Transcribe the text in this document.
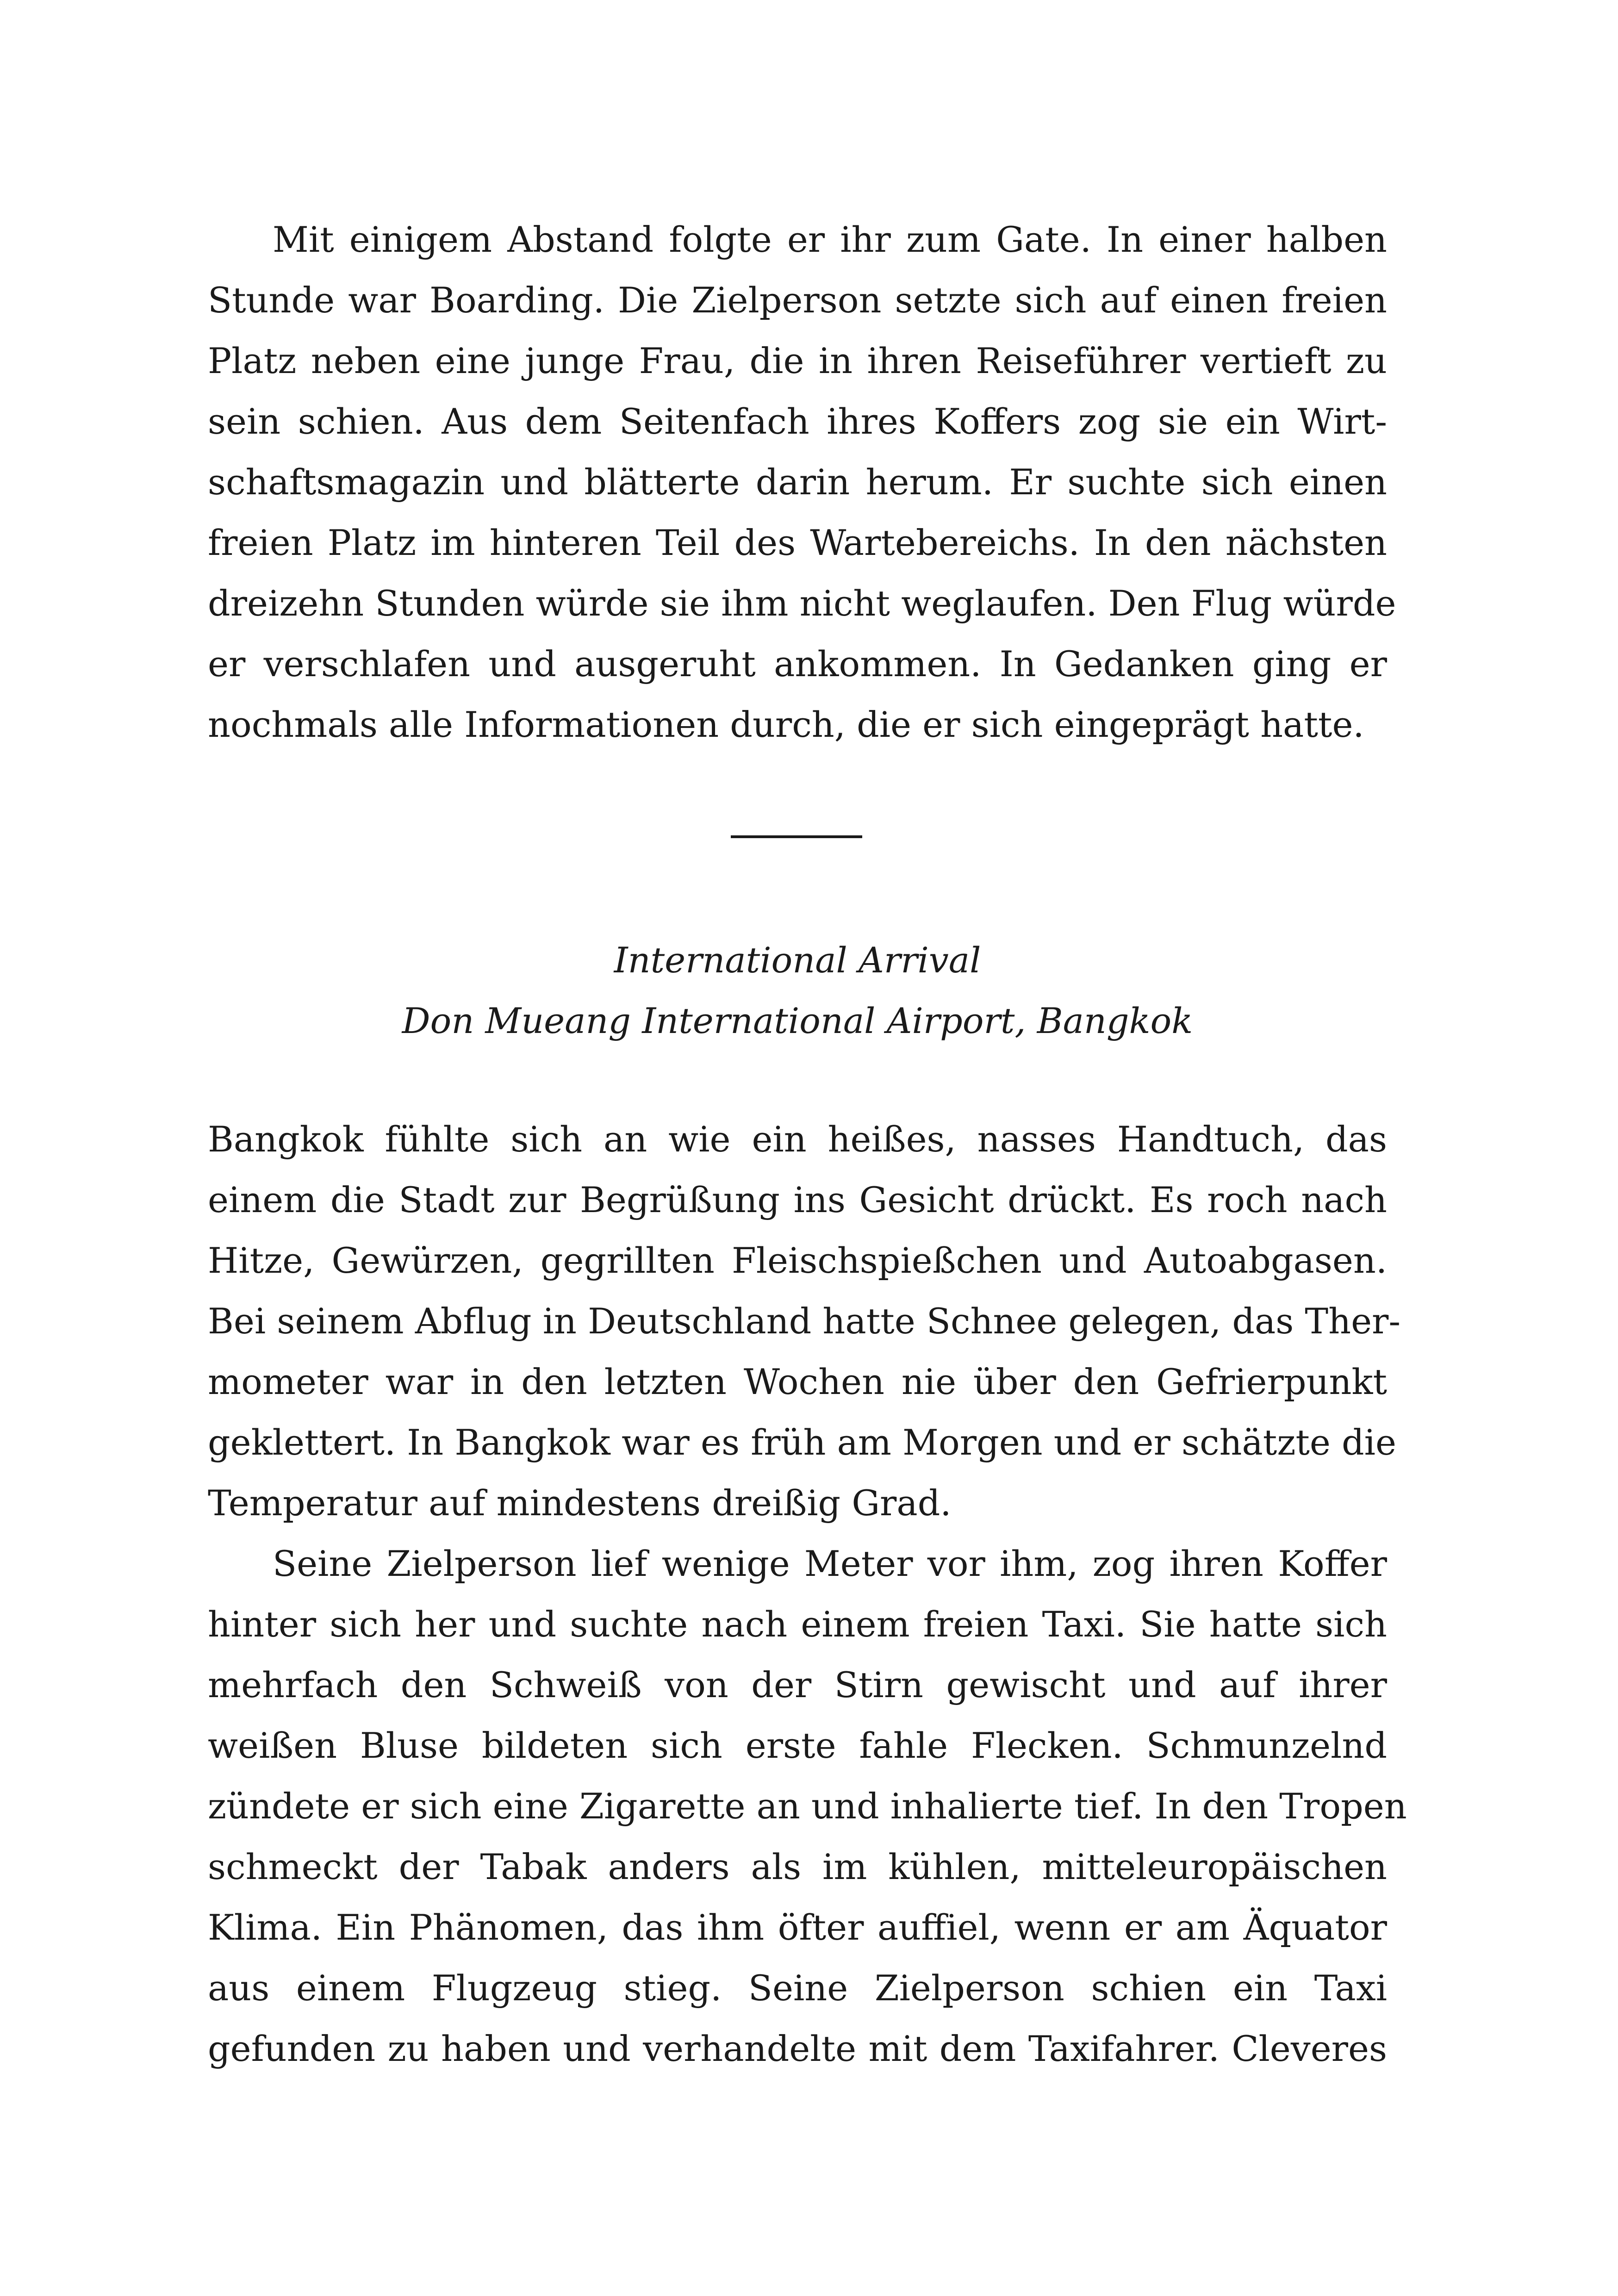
Mit einigem Abstand folgte er ihr zum Gate. In einer halben
Stunde war Boarding. Die Zielperson setzte sich auf einen freien
Platz neben eine junge Frau, die in ihren Reiseführer vertieft zu
sein schien. Aus dem Seitenfach ihres Koffers zog sie ein Wirt-
schaftsmagazin und blätterte darin herum. Er suchte sich einen
freien Platz im hinteren Teil des Wartebereichs. In den nächsten
dreizehn Stunden würde sie ihm nicht weglaufen. Den Flug würde
er verschlafen und ausgeruht ankommen. In Gedanken ging er
nochmals alle Informationen durch, die er sich eingeprägt hatte.

International Arrival
Don Mueang International Airport, Bangkok

Bangkok fühlte sich an wie ein heißes, nasses Handtuch, das
einem die Stadt zur Begrüßung ins Gesicht drückt. Es roch nach
Hitze, Gewürzen, gegrillten Fleischspießchen und Autoabgasen.
Bei seinem Abflug in Deutschland hatte Schnee gelegen, das Ther-
mometer war in den letzten Wochen nie über den Gefrierpunkt
geklettert. In Bangkok war es früh am Morgen und er schätzte die
Temperatur auf mindestens dreißig Grad.

Seine Zielperson lief wenige Meter vor ihm, zog ihren Koffer
hinter sich her und suchte nach einem freien Taxi. Sie hatte sich
mehrfach den Schweiß von der Stirn gewischt und auf ihrer
weißen Bluse bildeten sich erste fahle Flecken. Schmunzelnd
zündete er sich eine Zigarette an und inhalierte tief. In den Tropen
schmeckt der Tabak anders als im kühlen, mitteleuropäischen
Klima. Ein Phänomen, das ihm öfter auffiel, wenn er am Äquator
aus einem Flugzeug stieg. Seine Zielperson schien ein Taxi
gefunden zu haben und verhandelte mit dem Taxifahrer. Cleveres
